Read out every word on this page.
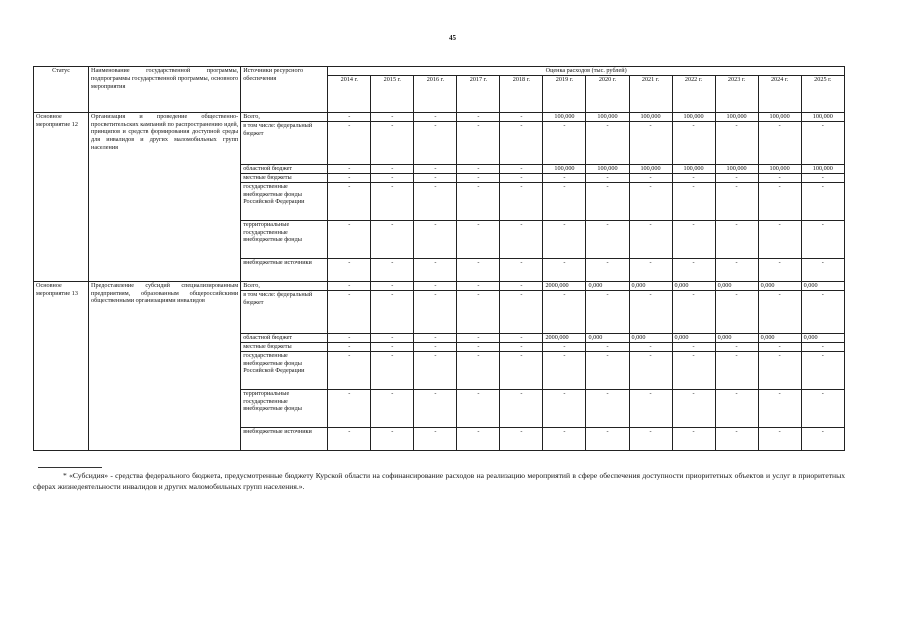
45
Статус	Наименование государственной программы, подпрограммы государственной программы, основного мероприятия	Источники ресурсного обеспечения	Оценка расходов (тыс. рублей)											
			2014 г.	2015 г.	2016 г.	2017 г.	2018 г.	2019 г.	2020 г.	2021 г.	2022 г.	2023 г.	2024 г.	2025 г.
Основное мероприятие 12	Организация и проведение общественно-просветительских кампаний по распространению идей, принципов и средств формирования доступной среды для инвалидов и других маломобильных групп населения	Всего,	-	-	-	-	-	100,000	100,000	100,000	100,000	100,000	100,000	100,000
		в том числе: федеральный бюджет	-	-	-	-	-	-	-	-	-	-	-	-
		областной бюджет	-	-	-	-	-	100,000	100,000	100,000	100,000	100,000	100,000	100,000
		местные бюджеты	-	-	-	-	-	-	-	-	-	-	-	-
		государственные внебюджетные фонды Российской Федерации	-	-	-	-	-	-	-	-	-	-	-	-
		территориальные государственные внебюджетные фонды	-	-	-	-	-	-	-	-	-	-	-	-
		внебюджетные источники	-	-	-	-	-	-	-	-	-	-	-	-
Основное мероприятие 13	Предоставление субсидий специализированным предприятиям, образованным общероссийскими общественными организациями инвалидов	Всего,	-	-	-	-	-	2000,000	0,000	0,000	0,000	0,000	0,000	0,000
		в том числе: федеральный бюджет	-	-	-	-	-	-	-	-	-	-	-	-
		областной бюджет	-	-	-	-	-	2000,000	0,000	0,000	0,000	0,000	0,000	0,000
		местные бюджеты	-	-	-	-	-	-	-	-	-	-	-	-
		государственные внебюджетные фонды Российской Федерации	-	-	-	-	-	-	-	-	-	-	-	-
		территориальные государственные внебюджетные фонды	-	-	-	-	-	-	-	-	-	-	-	-
		внебюджетные источники	-	-	-	-	-	-	-	-	-	-	-	-
* «Субсидия» - средства федерального бюджета, предусмотренные бюджету Курской области на софинансирование расходов на реализацию мероприятий в сфере обеспечения доступности приоритетных объектов и услуг в приоритетных сферах жизнедеятельности инвалидов и других маломобильных групп населения.».
